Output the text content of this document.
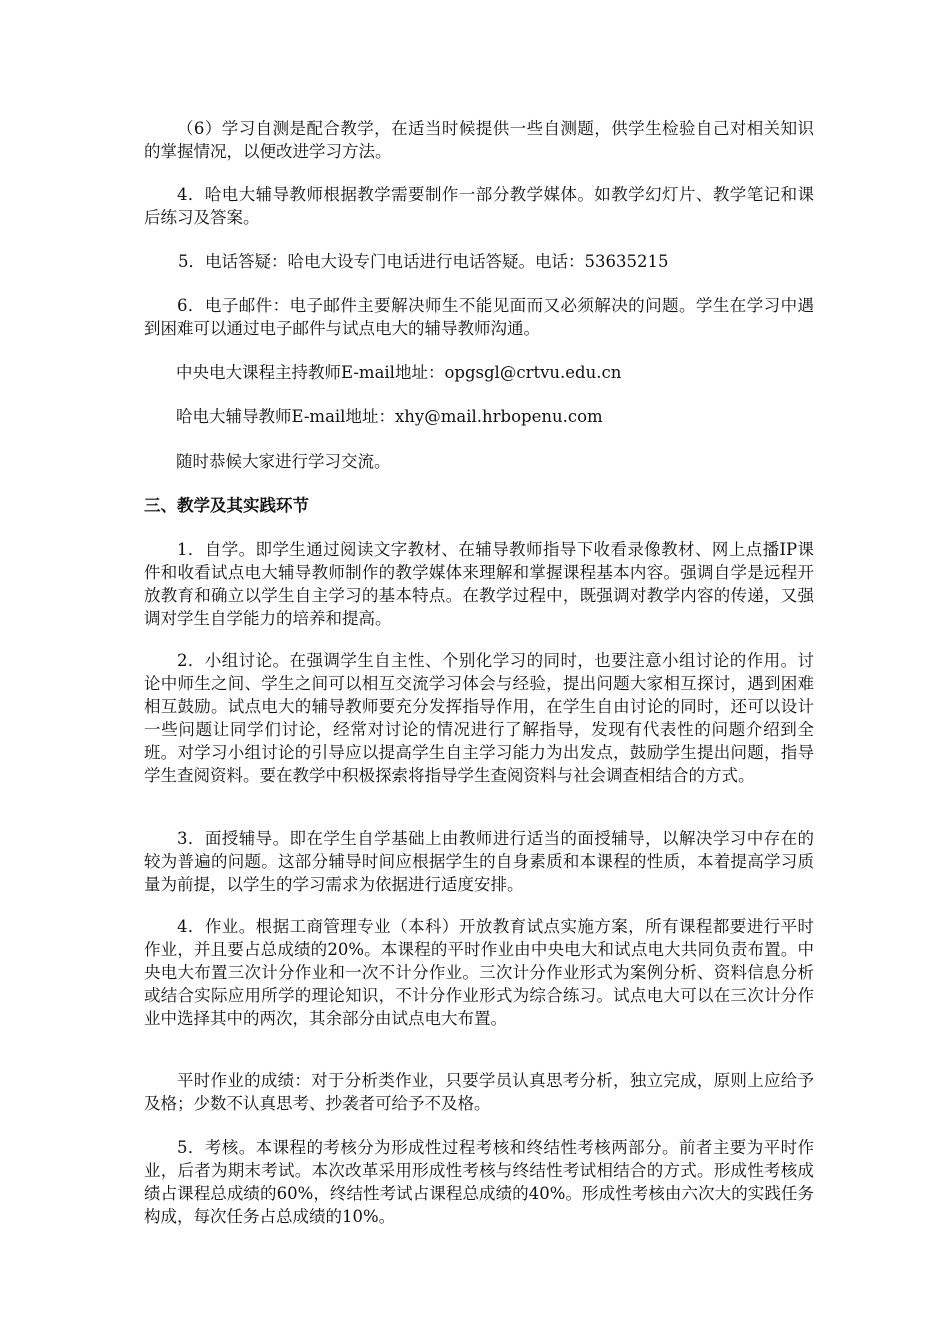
（6）学习自测是配合教学，在适当时候提供一些自测题，供学生检验自己对相关知识的掌握情况，以便改进学习方法。

4．哈电大辅导教师根据教学需要制作一部分教学媒体。如教学幻灯片、教学笔记和课后练习及答案。

5．电话答疑：哈电大设专门电话进行电话答疑。电话：53635215

6．电子邮件：电子邮件主要解决师生不能见面而又必须解决的问题。学生在学习中遇到困难可以通过电子邮件与试点电大的辅导教师沟通。

中央电大课程主持教师E-mail地址：opgsgl@crtvu.edu.cn

哈电大辅导教师E-mail地址：xhy@mail.hrbopenu.com

随时恭候大家进行学习交流。

三、教学及其实践环节

1．自学。即学生通过阅读文字教材、在辅导教师指导下收看录像教材、网上点播IP课件和收看试点电大辅导教师制作的教学媒体来理解和掌握课程基本内容。强调自学是远程开放教育和确立以学生自主学习的基本特点。在教学过程中，既强调对教学内容的传递，又强调对学生自学能力的培养和提高。

2．小组讨论。在强调学生自主性、个别化学习的同时，也要注意小组讨论的作用。讨论中师生之间、学生之间可以相互交流学习体会与经验，提出问题大家相互探讨，遇到困难相互鼓励。试点电大的辅导教师要充分发挥指导作用，在学生自由讨论的同时，还可以设计一些问题让同学们讨论，经常对讨论的情况进行了解指导，发现有代表性的问题介绍到全班。对学习小组讨论的引导应以提高学生自主学习能力为出发点，鼓励学生提出问题，指导学生查阅资料。要在教学中积极探索将指导学生查阅资料与社会调查相结合的方式。

3．面授辅导。即在学生自学基础上由教师进行适当的面授辅导，以解决学习中存在的较为普遍的问题。这部分辅导时间应根据学生的自身素质和本课程的性质，本着提高学习质量为前提，以学生的学习需求为依据进行适度安排。

4．作业。根据工商管理专业（本科）开放教育试点实施方案，所有课程都要进行平时作业，并且要占总成绩的20%。本课程的平时作业由中央电大和试点电大共同负责布置。中央电大布置三次计分作业和一次不计分作业。三次计分作业形式为案例分析、资料信息分析或结合实际应用所学的理论知识，不计分作业形式为综合练习。试点电大可以在三次计分作业中选择其中的两次，其余部分由试点电大布置。

平时作业的成绩：对于分析类作业，只要学员认真思考分析，独立完成，原则上应给予及格；少数不认真思考、抄袭者可给予不及格。

5．考核。本课程的考核分为形成性过程考核和终结性考核两部分。前者主要为平时作业，后者为期末考试。本次改革采用形成性考核与终结性考试相结合的方式。形成性考核成绩占课程总成绩的60%，终结性考试占课程总成绩的40%。形成性考核由六次大的实践任务构成，每次任务占总成绩的10%。
